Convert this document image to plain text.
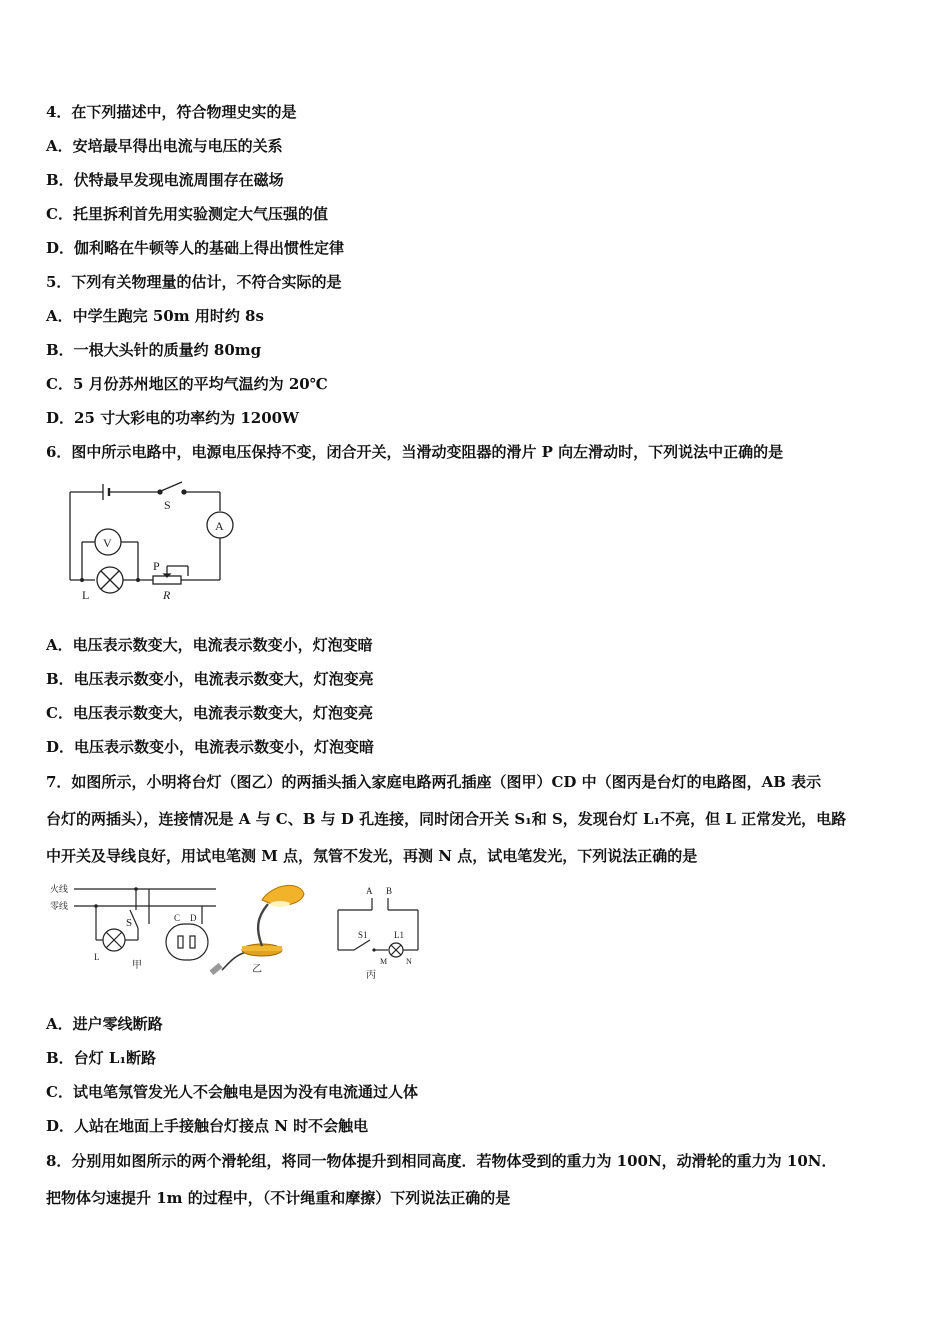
4．在下列描述中，符合物理史实的是
A．安培最早得出电流与电压的关系
B．伏特最早发现电流周围存在磁场
C．托里拆利首先用实验测定大气压强的值
D．伽利略在牛顿等人的基础上得出惯性定律
5．下列有关物理量的估计，不符合实际的是
A．中学生跑完 50m 用时约 8s
B．一根大头针的质量约 80mg
C．5 月份苏州地区的平均气温约为 20℃
D．25 寸大彩电的功率约为 1200W
6．图中所示电路中，电源电压保持不变，闭合开关，当滑动变阻器的滑片 P 向左滑动时，下列说法中正确的是
S
A
V
P
L	R
A．电压表示数变大，电流表示数变小，灯泡变暗
B．电压表示数变小，电流表示数变大，灯泡变亮
C．电压表示数变大，电流表示数变大，灯泡变亮
D．电压表示数变小，电流表示数变小，灯泡变暗
7．如图所示，小明将台灯（图乙）的两插头插入家庭电路两孔插座（图甲）CD 中（图丙是台灯的电路图，AB 表示
台灯的两插头），连接情况是 A 与 C、B 与 D 孔连接，同时闭合开关 S₁和 S，发现台灯 L₁不亮，但 L 正常发光，电路
中开关及导线良好，用试电笔测 M 点，氖管不发光，再测 N 点，试电笔发光，下列说法正确的是
火线
零线
S	C D
L
甲	乙
A B
S1	L1
M N
丙
A．进户零线断路
B．台灯 L₁断路
C．试电笔氖管发光人不会触电是因为没有电流通过人体
D．人站在地面上手接触台灯接点 N 时不会触电
8．分别用如图所示的两个滑轮组，将同一物体提升到相同高度．若物体受到的重力为 100N，动滑轮的重力为 10N．
把物体匀速提升 1m 的过程中，（不计绳重和摩擦）下列说法正确的是
